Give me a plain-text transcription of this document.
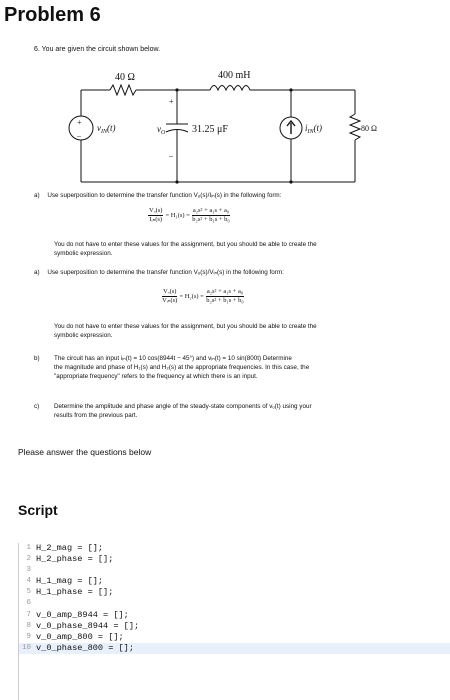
Problem 6
6. You are given the circuit shown below.
40 Ω	400 mH
+
–
$v_{IN}(t)$
+
–
$v_O$	31.25 μF	$i_{IN}(t)$	80 Ω
a) Use superposition to determine the transfer function Vₒ(s)/Iᵢₙ(s) in the following form:
$\frac{\text{Vₒ(s)}}{\text{Iᵢₙ(s)}} = H_1(s) = \frac{\text{a₂s² + a₁s + a₀}}{\text{b₂s² + b₁s + b₀}}$
You do not have to enter these values for the assignment, but you should be able to create the
symbolic expression.
a) Use superposition to determine the transfer function Vₒ(s)/Vᵢₙ(s) in the following form:
$\frac{\text{Vₒ(s)}}{\text{Vᵢₙ(s)}} = H_2(s) = \frac{\text{a₂s² + a₁s + a₀}}{\text{b₂s² + b₁s + b₀}}$
You do not have to enter these values for the assignment, but you should be able to create the
symbolic expression.
b)	The circuit has an input iᵢₙ(t) = 10 cos(8944t − 45°) and vᵢₙ(t) = 10 sin(800t) Determine
the magnitude and phase of H₁(s) and H₂(s) at the appropriate frequencies. In this case, the
"appropriate frequency" refers to the frequency at which there is an input.
c)	Determine the amplitude and phase angle of the steady-state components of vₒ(t) using your
results from the previous part.
Please answer the questions below
Script
1 H_2_mag = [];
2 H_2_phase = [];
3
4 H_1_mag = [];
5 H_1_phase = [];
6
7 v_0_amp_8944 = [];
8 v_0_phase_8944 = [];
9 v_0_amp_800 = [];
10 v_0_phase_800 = [];
